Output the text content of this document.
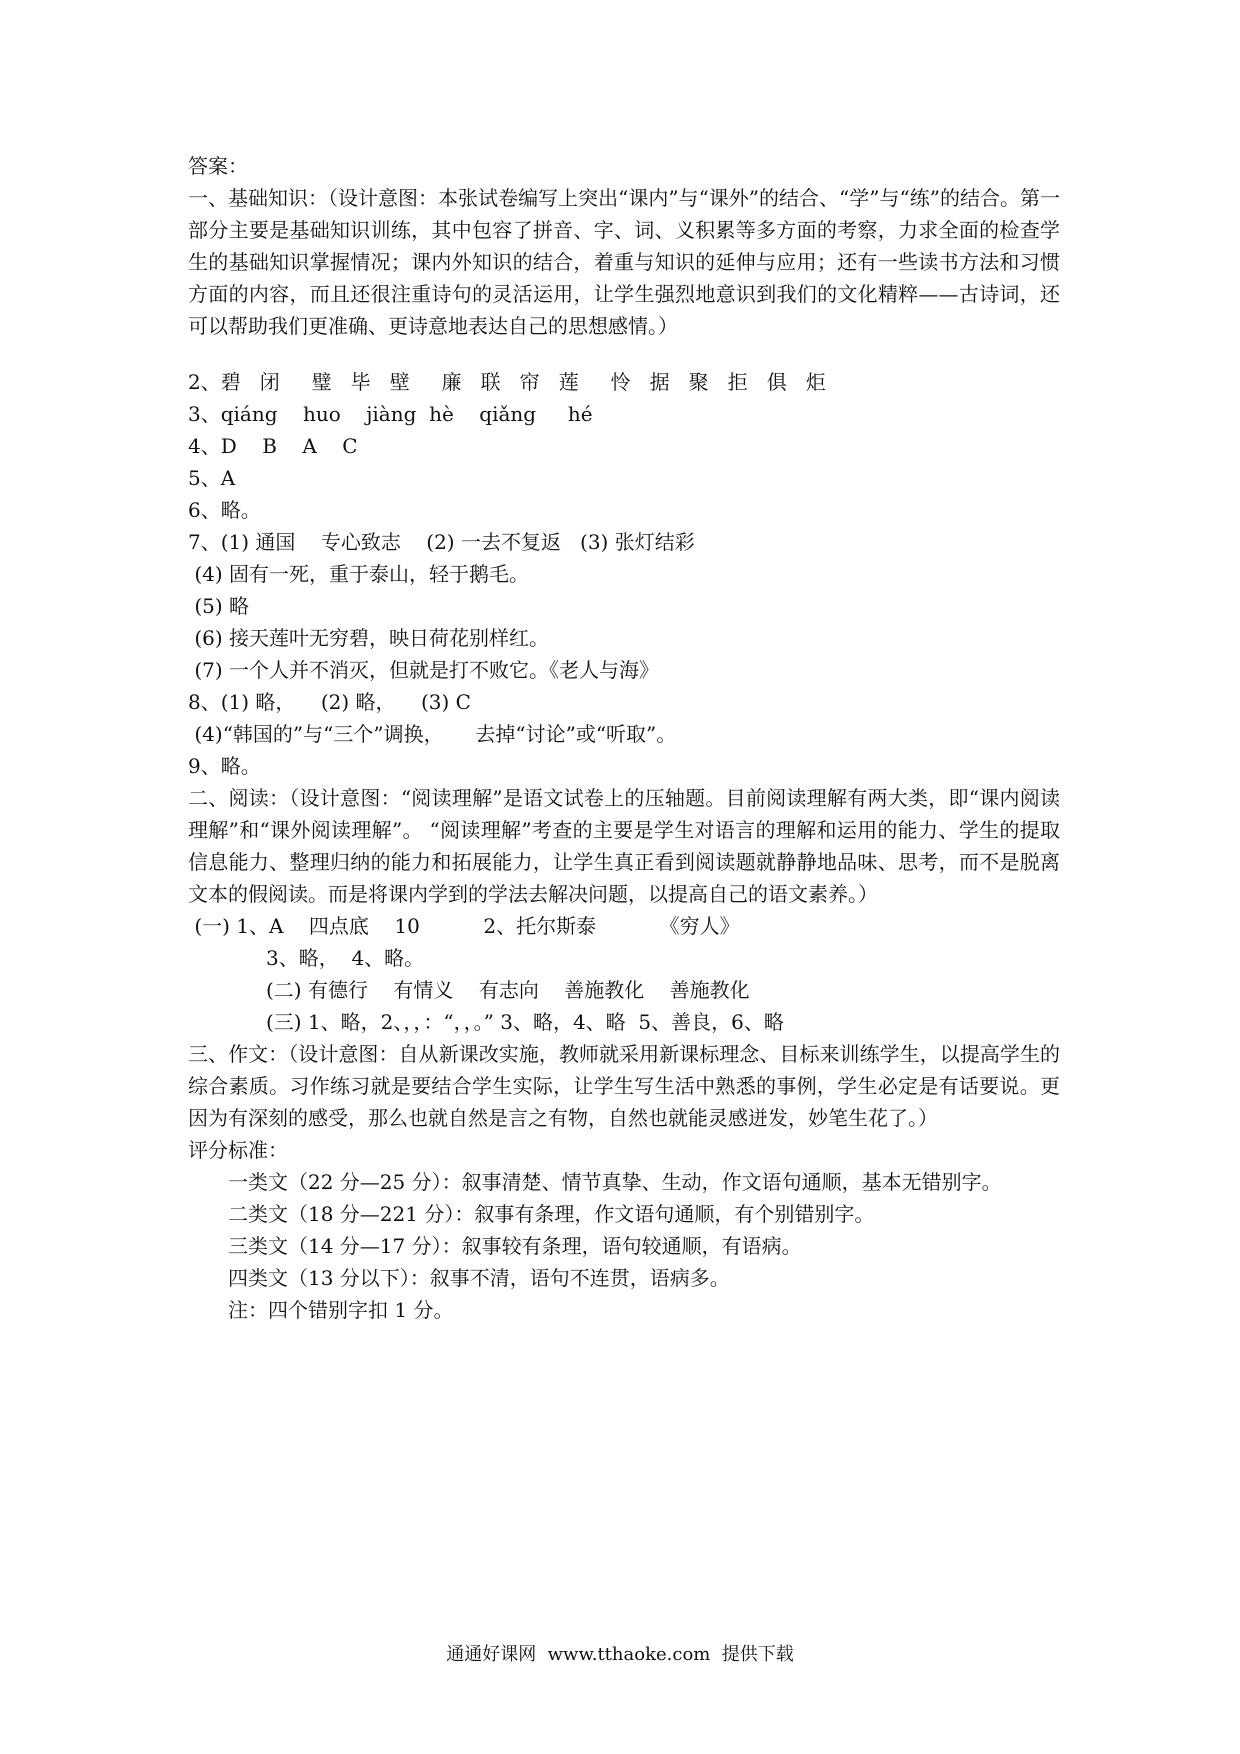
答案：
一、基础知识：（设计意图：本张试卷编写上突出“课内”与“课外”的结合、“学”与“练”的结合。第一部分主要是基础知识训练，其中包容了拼音、字、词、义积累等多方面的考察，力求全面的检查学生的基础知识掌握情况；课内外知识的结合，着重与知识的延伸与应用；还有一些读书方法和习惯方面的内容，而且还很注重诗句的灵活运用，让学生强烈地意识到我们的文化精粹——古诗词，还可以帮助我们更准确、更诗意地表达自己的思想感情。）
2、碧   闭     璧   毕   壁     廉   联   帘   莲     怜   据   聚   拒   俱   炬
3、qiáng    huo    jiàng  hè    qiǎng     hé
4、D    B    A    C
5、A
6、略。
7、(1) 通国    专心致志    (2) 一去不复返   (3) 张灯结彩
(4) 固有一死，重于泰山，轻于鹅毛。
(5) 略
(6) 接天莲叶无穷碧，映日荷花别样红。
(7) 一个人并不消灭，但就是打不败它。《老人与海》
8、(1) 略，    (2) 略，    (3) C
(4)“韩国的”与“三个”调换，     去掉“讨论”或“听取”。
9、略。
二、阅读：（设计意图：“阅读理解”是语文试卷上的压轴题。目前阅读理解有两大类，即“课内阅读理解”和“课外阅读理解”。 “阅读理解”考查的主要是学生对语言的理解和运用的能力、学生的提取信息能力、整理归纳的能力和拓展能力，让学生真正看到阅读题就静静地品味、思考，而不是脱离文本的假阅读。而是将课内学到的学法去解决问题，以提高自己的语文素养。）
(一) 1、A    四点底    10          2、托尔斯泰          《穷人》
3、略，  4、略。
(二) 有德行    有情义    有志向    善施教化    善施教化
(三) 1、略，2、，，：“，，。” 3、略，4、略  5、善良，6、略
三、作文：（设计意图：自从新课改实施，教师就采用新课标理念、目标来训练学生，以提高学生的综合素质。习作练习就是要结合学生实际，让学生写生活中熟悉的事例，学生必定是有话要说。更因为有深刻的感受，那么也就自然是言之有物，自然也就能灵感迸发，妙笔生花了。）
评分标准：
一类文（22 分—25 分）：叙事清楚、情节真挚、生动，作文语句通顺，基本无错别字。
二类文（18 分—221 分）：叙事有条理，作文语句通顺，有个别错别字。
三类文（14 分—17 分）：叙事较有条理，语句较通顺，有语病。
四类文（13 分以下）：叙事不清，语句不连贯，语病多。
注：四个错别字扣 1 分。
通通好课网  www.tthaoke.com  提供下载
